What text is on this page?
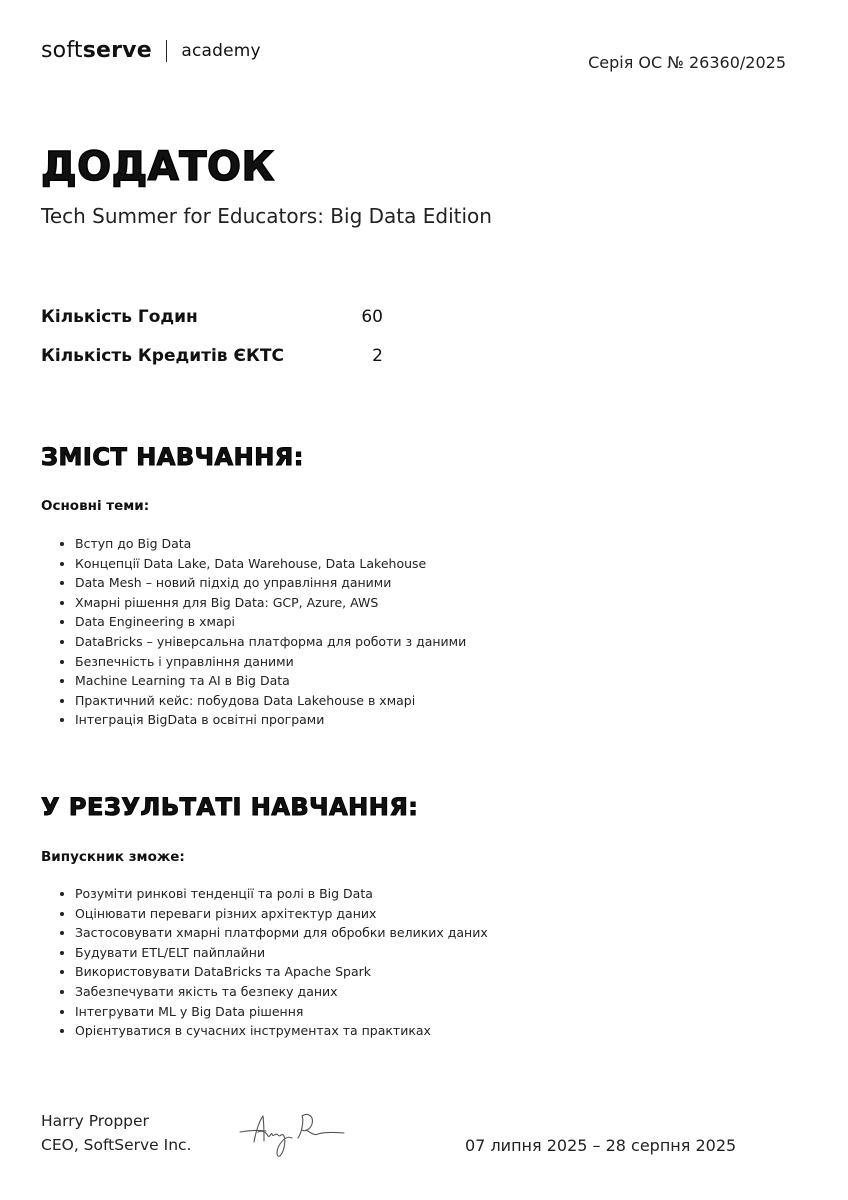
soft serve academy
Серія ОС № 26360/2025
ДОДАТОК
Tech Summer for Educators: Big Data Edition
Кількість Годин	60
Кількість Кредитів ЄКТС	2
ЗМІСТ НАВЧАННЯ:
Основні теми:
• Вступ до Big Data
• Концепції Data Lake, Data Warehouse, Data Lakehouse
• Data Mesh – новий підхід до управління даними
• Хмарні рішення для Big Data: GCP, Azure, AWS
• Data Engineering в хмарі
• DataBricks – універсальна платформа для роботи з даними
• Безпечність і управління даними
• Machine Learning та AI в Big Data
• Практичний кейс: побудова Data Lakehouse в хмарі
• Інтеграція BigData в освітні програми
У РЕЗУЛЬТАТІ НАВЧАННЯ:
Випускник зможе:
• Розуміти ринкові тенденції та ролі в Big Data
• Оцінювати переваги різних архітектур даних
• Застосовувати хмарні платформи для обробки великих даних
• Будувати ETL/ELT пайплайни
• Використовувати DataBricks та Apache Spark
• Забезпечувати якість та безпеку даних
• Інтегрувати ML у Big Data рішення
• Орієнтуватися в сучасних інструментах та практиках
Harry Propper
CEO, SoftServe Inc.	07 липня 2025 – 28 серпня 2025
